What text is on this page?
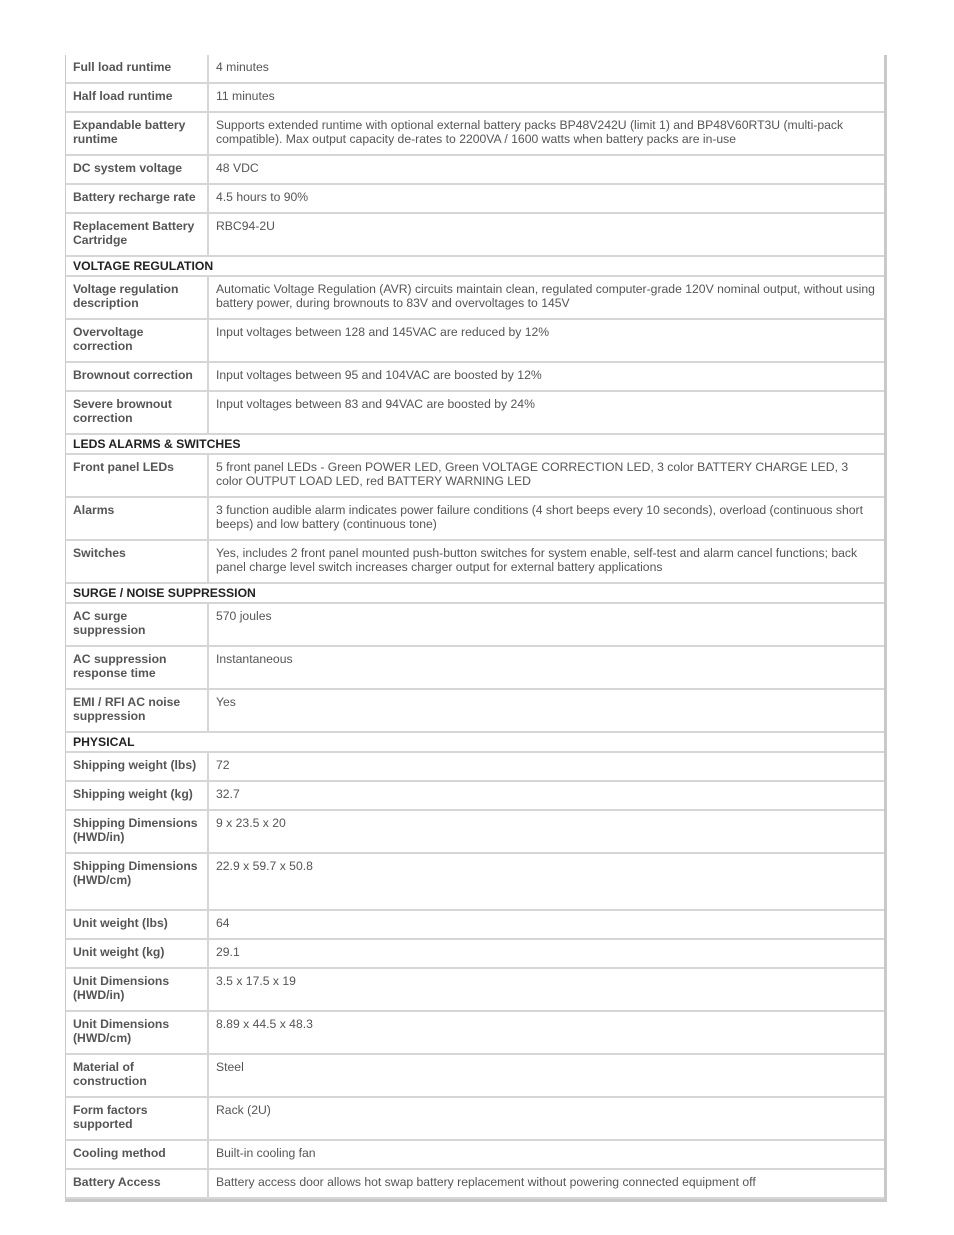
Full load runtime	4 minutes
Half load runtime	11 minutes
Expandable battery runtime	Supports extended runtime with optional external battery packs BP48V242U (limit 1) and BP48V60RT3U (multi-pack compatible). Max output capacity de-rates to 2200VA / 1600 watts when battery packs are in-use
DC system voltage	48 VDC
Battery recharge rate	4.5 hours to 90%
Replacement Battery Cartridge	RBC94-2U
VOLTAGE REGULATION	
Voltage regulation description	Automatic Voltage Regulation (AVR) circuits maintain clean, regulated computer-grade 120V nominal output, without using battery power, during brownouts to 83V and overvoltages to 145V
Overvoltage correction	Input voltages between 128 and 145VAC are reduced by 12%
Brownout correction	Input voltages between 95 and 104VAC are boosted by 12%
Severe brownout correction	Input voltages between 83 and 94VAC are boosted by 24%
LEDS ALARMS & SWITCHES	
Front panel LEDs	5 front panel LEDs - Green POWER LED, Green VOLTAGE CORRECTION LED, 3 color BATTERY CHARGE LED, 3 color OUTPUT LOAD LED, red BATTERY WARNING LED
Alarms	3 function audible alarm indicates power failure conditions (4 short beeps every 10 seconds), overload (continuous short beeps) and low battery (continuous tone)
Switches	Yes, includes 2 front panel mounted push-button switches for system enable, self-test and alarm cancel functions; back panel charge level switch increases charger output for external battery applications
SURGE / NOISE SUPPRESSION	
AC surge suppression	570 joules
AC suppression response time	Instantaneous
EMI / RFI AC noise suppression	Yes
PHYSICAL	
Shipping weight (lbs)	72
Shipping weight (kg)	32.7
Shipping Dimensions (HWD/in)	9 x 23.5 x 20
Shipping Dimensions (HWD/cm)	22.9 x 59.7 x 50.8
Unit weight (lbs)	64
Unit weight (kg)	29.1
Unit Dimensions (HWD/in)	3.5 x 17.5 x 19
Unit Dimensions (HWD/cm)	8.89 x 44.5 x 48.3
Material of construction	Steel
Form factors supported	Rack (2U)
Cooling method	Built-in cooling fan
Battery Access	Battery access door allows hot swap battery replacement without powering connected equipment off
